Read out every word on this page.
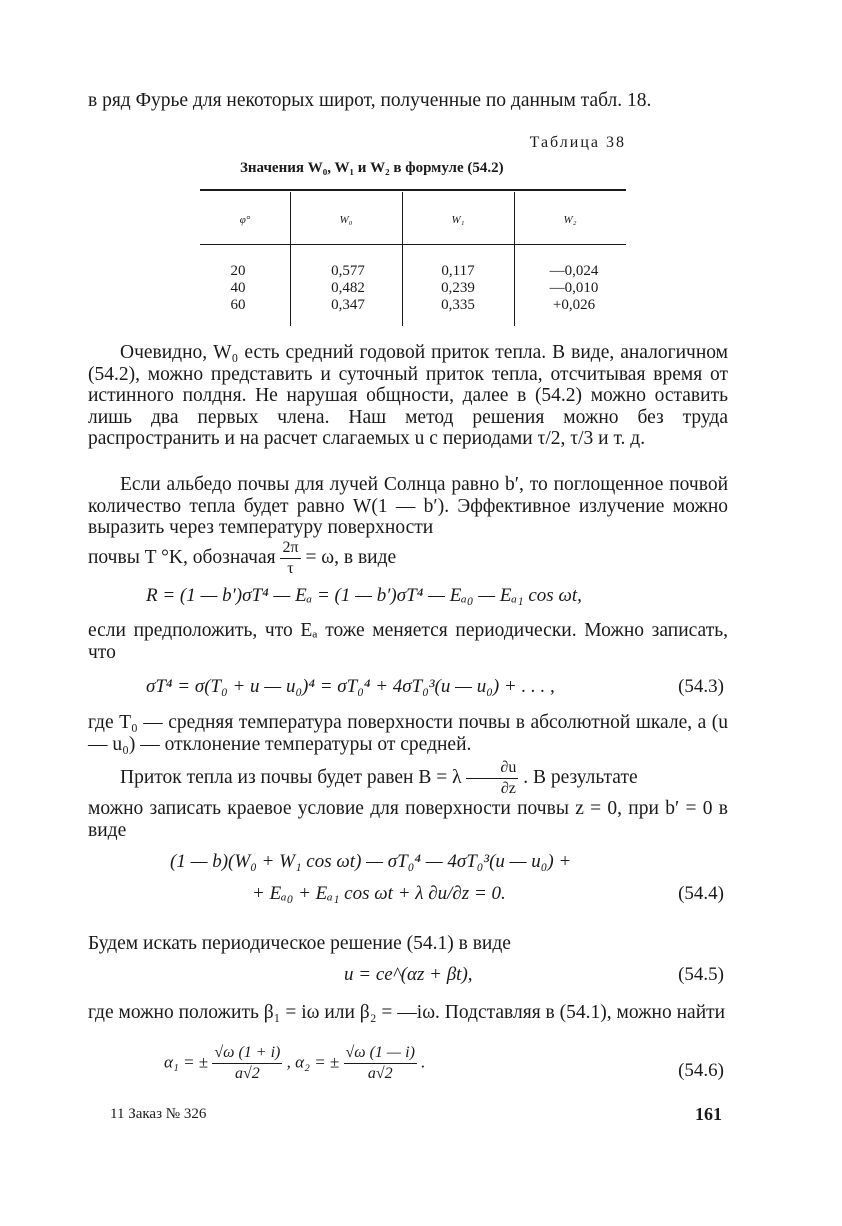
в ряд Фурье для некоторых широт, полученные по данным табл. 18.

Таблица 38
Значения W₀, W₁ и W₂ в формуле (54.2)
φ°	W₀	W₁	W₂
20	0,577	0,117	—0,024
40	0,482	0,239	—0,010
60	0,347	0,335	+0,026

Очевидно, W₀ есть средний годовой приток тепла. В виде, аналогичном (54.2), можно представить и суточный приток тепла, отсчитывая время от истинного полдня. Не нарушая общности, далее в (54.2) можно оставить лишь два первых члена. Наш метод решения можно без труда распространить и на расчет слагаемых u с периодами τ/2, τ/3 и т. д.

Если альбедо почвы для лучей Солнца равно b′, то поглощенное почвой количество тепла будет равно W(1 — b′). Эффективное излучение можно выразить через температуру поверхности

почвы T °K, обозначая $\frac{2\pi}{\tau} = \omega$, в виде
R = (1 — b′)σT⁴ — Eₐ = (1 — b′)σT⁴ — Eₐ₀ — Eₐ₁ cos ωt,

если предположить, что Eₐ тоже меняется периодически. Можно записать, что

σT⁴ = σ(T₀ + u — u₀)⁴ = σT₀⁴ + 4σT₀³(u — u₀) + . . . ,	(54.3)

где T₀ — средняя температура поверхности почвы в абсолютной шкале, а (u — u₀) — отклонение температуры от средней.

Приток тепла из почвы будет равен B = λ $\frac{\partial u}{\partial z}$ . В результате

можно записать краевое условие для поверхности почвы z = 0, при b′ = 0 в виде

(1 — b)(W₀ + W₁ cos ωt) — σT₀⁴ — 4σT₀³(u — u₀) +
+ Eₐ₀ + Eₐ₁ cos ωt + λ ∂u/∂z = 0.	(54.4)

Будем искать периодическое решение (54.1) в виде

u = ce^(αz + βt),	(54.5)

где можно положить β₁ = iω или β₂ = —iω. Подставляя в (54.1), можно найти

α₁ = ± $\frac{√\omega (1 + i)}{a√2}$ , α₂ = ± $\frac{√\omega (1 — i)}{a√2}$ .	(54.6)
11 Заказ № 326	161
